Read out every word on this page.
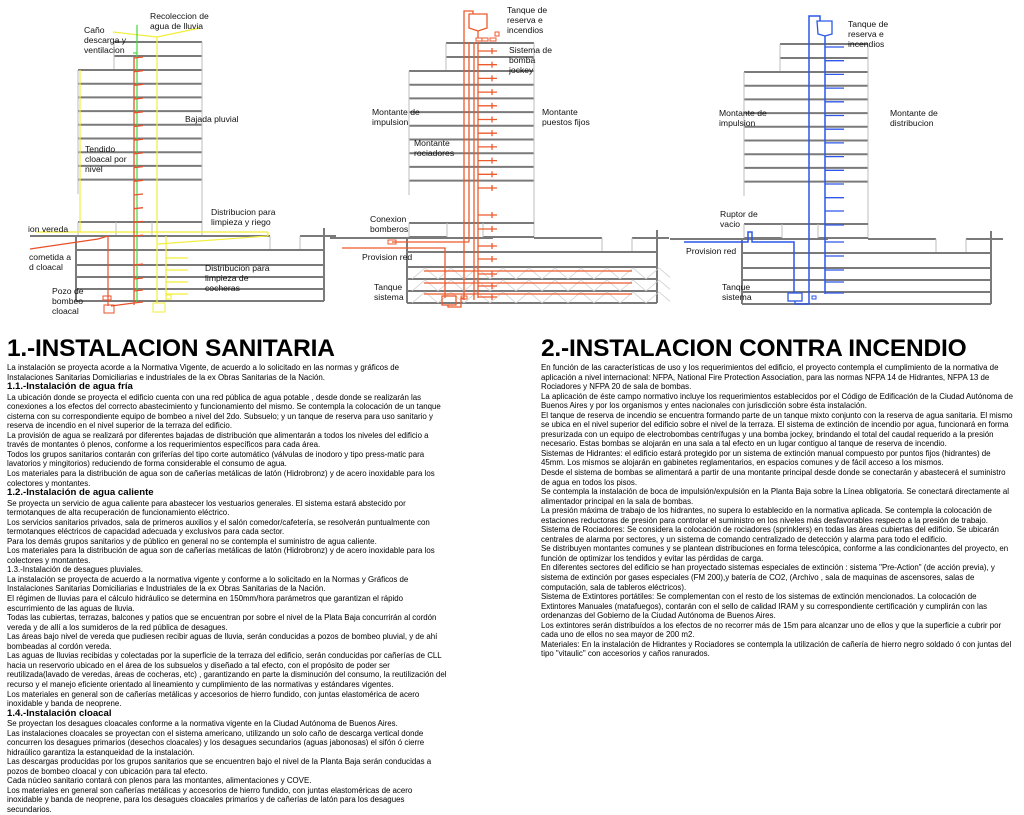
Recoleccion de
agua de lluvia
Caño
descarga y
ventilacion
Bajada pluvial
Tendido
cloacal por
nivel
Distribucion para
limpieza y riego
ion vereda
cometida a
d cloacal	Distribucion para
limpieza de
cocheras
Pozo de
bombeo
cloacal
Tanque de
reserva e
incendios
Sistema de
bomba
jockey
Montante de
impulsion
Montante
puestos fijos
Montante
rociadores
Conexion
bomberos
Provision red
Tanque
sistema
Tanque de
reserva e
incendios
Montante de
impulsion
Montante de
distribucion
Ruptor de
vacio
Provision red
Tanque
sistema
1.-INSTALACION SANITARIA

La instalación se proyecta acorde a la Normativa Vigente, de acuerdo a lo solicitado en las normas y gráficos de Instalaciones Sanitarias Domiciliarias e industriales de la ex Obras Sanitarias de la Nación.

1.1.-Instalación de agua fría

La ubicación donde se proyecta el edificio cuenta con una red pública de agua potable , desde donde se realizarán las conexiones a los efectos del correcto abastecimiento y funcionamiento del mismo. Se contempla la colocación de un tanque cisterna con su correspondiente equipo de bombeo a nivel del 2do. Subsuelo; y un tanque de reserva para uso sanitario y reserva de incendio en el nivel superior de la terraza del edificio.

La provisión de agua se realizará por diferentes bajadas de distribución que alimentarán a todos los niveles del edificio a través de montantes ó plenos, conforme a los requerimientos específicos para cada área.

Todos los grupos sanitarios contarán con griferías del tipo corte automático (válvulas de inodoro y tipo press-matic para lavatorios y mingitorios) reduciendo de forma considerable el consumo de agua.

Los materiales para la distribución de agua son de cañerías metálicas de latón (Hidrobronz) y de acero inoxidable para los colectores y montantes.

1.2.-Instalación de agua caliente

Se proyecta un servicio de agua caliente para abastecer los vestuarios generales. El sistema estará abstecido por termotanques de alta recuperación de funcionamiento eléctrico.

Los servicios sanitarios privados, sala de primeros auxilios y el salón comedor/cafetería, se resolverán puntualmente con termotanques eléctricos de capacidad adecuada y exclusivos para cada sector.

Para los demás grupos sanitarios y de público en general no se contempla el suministro de agua caliente.

Los materiales para la distribución de agua son de cañerías metálicas de latón (Hidrobronz) y de acero inoxidable para los colectores y montantes.

1.3.-Instalación de desagues pluviales.

La instalación se proyecta de acuerdo a la normativa vigente y conforme a lo solicitado en la Normas y Gráficos de Instalaciones Sanitarias Domiciliarias e Industriales de la ex Obras Sanitarias de la Nación.

El régimen de lluvias para el cálculo hidráulico se determina en 150mm/hora parámetros que garantizan el rápido escurrimiento de las aguas de lluvia.

Todas las cubiertas, terrazas, balcones y patios que se encuentran por sobre el nivel de la Plata Baja concurrirán al cordón vereda y de allí a los sumideros de la red pública de desagues.

Las áreas bajo nivel de vereda que pudiesen recibir aguas de lluvia, serán conducidas a pozos de bombeo pluvial, y de ahí bombeadas al cordón vereda.

Las aguas de lluvias recibidas y colectadas por la superficie de la terraza del edificio, serán conducidas por cañerías de CLL hacia un reservorio ubicado en el área de los subsuelos y diseñado a tal efecto, con el propósito de poder ser reutilizada(lavado de veredas, áreas de cocheras, etc) , garantizando en parte la disminución del consumo, la reutilización del recurso y el manejo eficiente orientado al lineamiento y cumplimiento de las normativas y estándares vigentes.

Los materiales en general son de cañerías metálicas y accesorios de hierro fundido, con juntas elastomérica de acero inoxidable y banda de neoprene.

1.4.-Instalación cloacal

Se proyectan los desagues cloacales conforme a la normativa vigente en la Ciudad Autónoma de Buenos Aires.

Las instalaciones cloacales se proyectan con el sistema americano, utilizando un solo caño de descarga vertical donde concurren los desagues primarios (desechos cloacales) y los desagues secundarios (aguas jabonosas) el sifón ó cierre hidraúlico garantiza la estanqueidad de la instalación.

Las descargas producidas por los grupos sanitarios que se encuentren bajo el nivel de la Planta Baja serán conducidas a pozos de bombeo cloacal y con ubicación para tal efecto.

Cada núcleo sanitario contará con plenos para las montantes, alimentaciones y COVE.

Los materiales en general son cañerías metálicas y accesorios de hierro fundido, con juntas elastoméricas de acero inoxidable y banda de neoprene, para los desagues cloacales primarios y de cañerías de latón para los desagues secundarios.

2.-INSTALACION CONTRA INCENDIO

En función de las características de uso y los requerimientos del edificio, el proyecto contempla el cumplimiento de la normativa de aplicación a nivel internacional: NFPA, National Fire Protection Association, para las normas NFPA 14 de Hidrantes, NFPA 13 de Rociadores y NFPA 20 de sala de bombas.

La aplicación de éste campo normativo incluye los requerimientos establecidos por el Código de Edificación de la Ciudad Autónoma de Buenos Aires y por los organismos y entes nacionales con jurisdicción sobre ésta instalación.

El tanque de reserva de incendio se encuentra formando parte de un tanque mixto conjunto con la reserva de agua sanitaria. El mismo se ubica en el nivel superior del edificio sobre el nivel de la terraza. El sistema de extinción de incendio por agua, funcionará en forma presurizada con un equipo de electrobombas centrífugas y una bomba jockey, brindando el total del caudal requerido a la presión necesario. Estas bombas se alojarán en una sala a tal efecto en un lugar contiguo al tanque de reserva de incendio.

Sistemas de Hidrantes: el edificio estará protegido por un sistema de extinción manual compuesto por puntos fijos (hidrantes) de 45mm. Los mismos se alojarán en gabinetes reglamentarios, en espacios comunes y de fácil acceso a los mismos.

Desde el sistema de bombas se alimentará a partir de una montante principal desde donde se conectarán y abastecerá el suministro de agua en todos los pisos.

Se contempla la instalación de boca de impulsión/expulsión en la Planta Baja sobre la Línea obligatoria. Se conectará directamente al alimentador principal en la sala de bombas.

La presión máxima de trabajo de los hidrantes, no supera lo establecido en la normativa aplicada. Se contempla la colocación de estaciones reductoras de presión para controlar el suministro en los niveles más desfavorables respecto a la presión de trabajo.

Sistema de Rociadores: Se considera la colocación de rociadores (sprinklers) en todas las áreas cubiertas del edificio. Se ubicarán centrales de alarma por sectores, y un sistema de comando centralizado de detección y alarma para todo el edificio.

Se distribuyen montantes comunes y se plantean distribuciones en forma telescópica, conforme a las condicionantes del proyecto, en función de optimizar los tendidos y evitar las pérdidas de carga.

En diferentes sectores del edificio se han proyectado sistemas especiales de extinción : sistema "Pre-Action" (de acción previa), y sistema de extinción por gases especiales (FM 200),y batería de CO2, (Archivo , sala de maquinas de ascensores, salas de computación, sala de tableros eléctricos).

Sistema de Extintores portátiles: Se complementan con el resto de los sistemas de extinción mencionados. La colocación de Extintores Manuales (matafuegos), contarán con el sello de calidad IRAM y su correspondiente certificación y cumplirán con las ordenanzas del Gobierno de la Ciudad Autónoma de Buenos Aires.

Los extintores serán distribuídos a los efectos de no recorrer más de 15m para alcanzar uno de ellos y que la superficie a cubrir por cada uno de ellos no sea mayor de 200 m2.

Materiales: En la instalación de Hidrantes y Rociadores se contempla la utilización de cañería de hierro negro soldado ó con juntas del tipo "vitaulic" con accesorios y caños ranurados.
